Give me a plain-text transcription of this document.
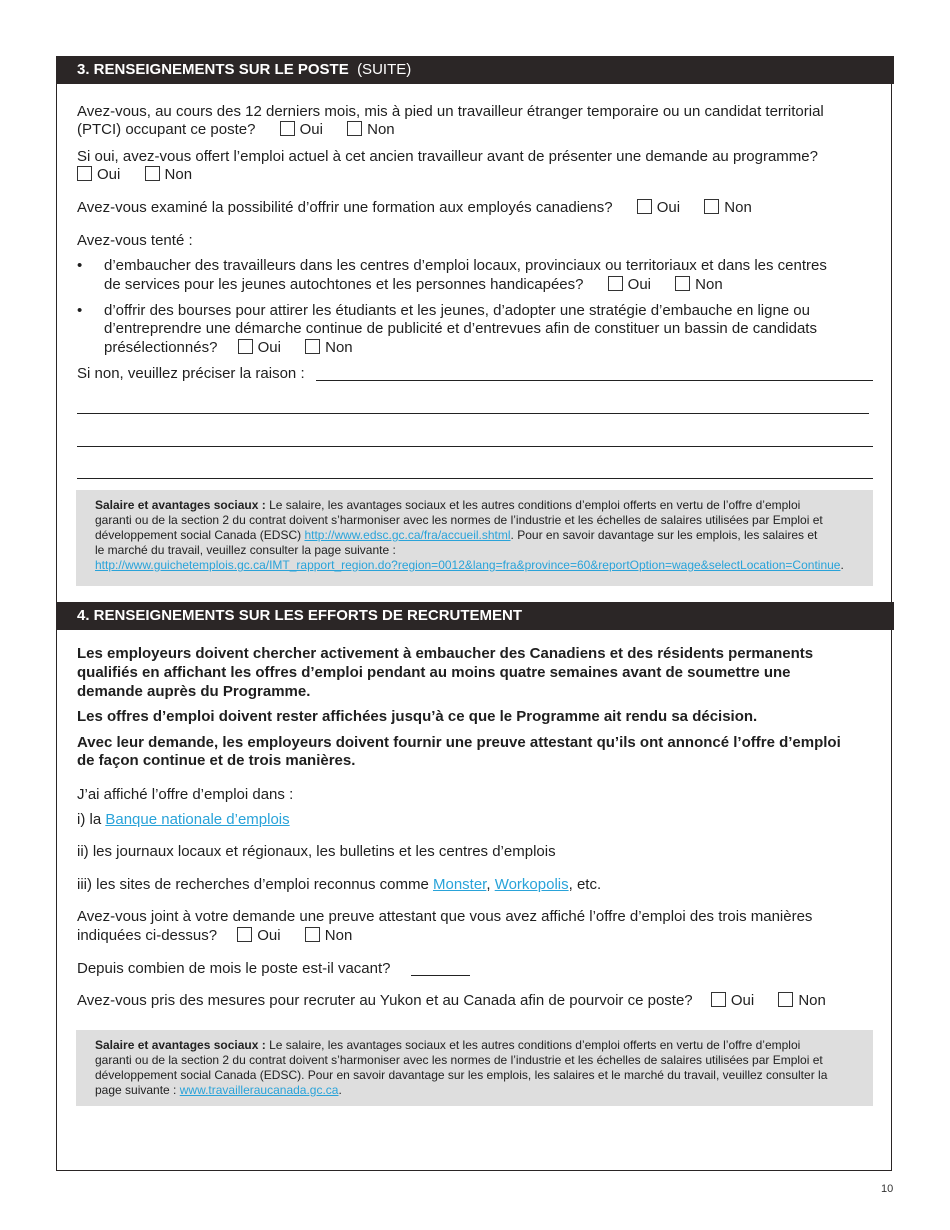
3. RENSEIGNEMENTS SUR LE POSTE (SUITE)
Avez-vous, au cours des 12 derniers mois, mis à pied un travailleur étranger temporaire ou un candidat territorial
(PTCI) occupant ce poste?	Oui	Non
Si oui, avez-vous offert l’emploi actuel à cet ancien travailleur avant de présenter une demande au programme?
Oui	Non
Avez-vous examiné la possibilité d’offrir une formation aux employés canadiens?	Oui	Non
Avez-vous tenté :
• d’embaucher des travailleurs dans les centres d’emploi locaux, provinciaux ou territoriaux et dans les centres
de services pour les jeunes autochtones et les personnes handicapées?	Oui	Non
• d’offrir des bourses pour attirer les étudiants et les jeunes, d’adopter une stratégie d’embauche en ligne ou
d’entreprendre une démarche continue de publicité et d’entrevues afin de constituer un bassin de candidats
présélectionnés?	Oui	Non
Si non, veuillez préciser la raison :
Salaire et avantages sociaux : Le salaire, les avantages sociaux et les autres conditions d’emploi offerts en vertu de l’offre d’emploi
garanti ou de la section 2 du contrat doivent s’harmoniser avec les normes de l’industrie et les échelles de salaires utilisées par Emploi et
développement social Canada (EDSC) http://www.edsc.gc.ca/fra/accueil.shtml. Pour en savoir davantage sur les emplois, les salaires et
le marché du travail, veuillez consulter la page suivante :
http://www.guichetemplois.gc.ca/IMT_rapport_region.do?region=0012&lang=fra&province=60&reportOption=wage&selectLocation=Continue.
4. RENSEIGNEMENTS SUR LES EFFORTS DE RECRUTEMENT
Les employeurs doivent chercher activement à embaucher des Canadiens et des résidents permanents
qualifiés en affichant les offres d’emploi pendant au moins quatre semaines avant de soumettre une
demande auprès du Programme.
Les offres d’emploi doivent rester affichées jusqu’à ce que le Programme ait rendu sa décision.
Avec leur demande, les employeurs doivent fournir une preuve attestant qu’ils ont annoncé l’offre d’emploi
de façon continue et de trois manières.
J’ai affiché l’offre d’emploi dans :
i) la Banque nationale d’emplois
ii) les journaux locaux et régionaux, les bulletins et les centres d’emplois
iii) les sites de recherches d’emploi reconnus comme Monster, Workopolis, etc.
Avez-vous joint à votre demande une preuve attestant que vous avez affiché l’offre d’emploi des trois manières
indiquées ci-dessus?	Oui	Non
Depuis combien de mois le poste est-il vacant?
Avez-vous pris des mesures pour recruter au Yukon et au Canada afin de pourvoir ce poste?	Oui	Non
Salaire et avantages sociaux : Le salaire, les avantages sociaux et les autres conditions d’emploi offerts en vertu de l’offre d’emploi
garanti ou de la section 2 du contrat doivent s’harmoniser avec les normes de l’industrie et les échelles de salaires utilisées par Emploi et
développement social Canada (EDSC). Pour en savoir davantage sur les emplois, les salaires et le marché du travail, veuillez consulter la
page suivante : www.travailleraucanada.gc.ca.
10
